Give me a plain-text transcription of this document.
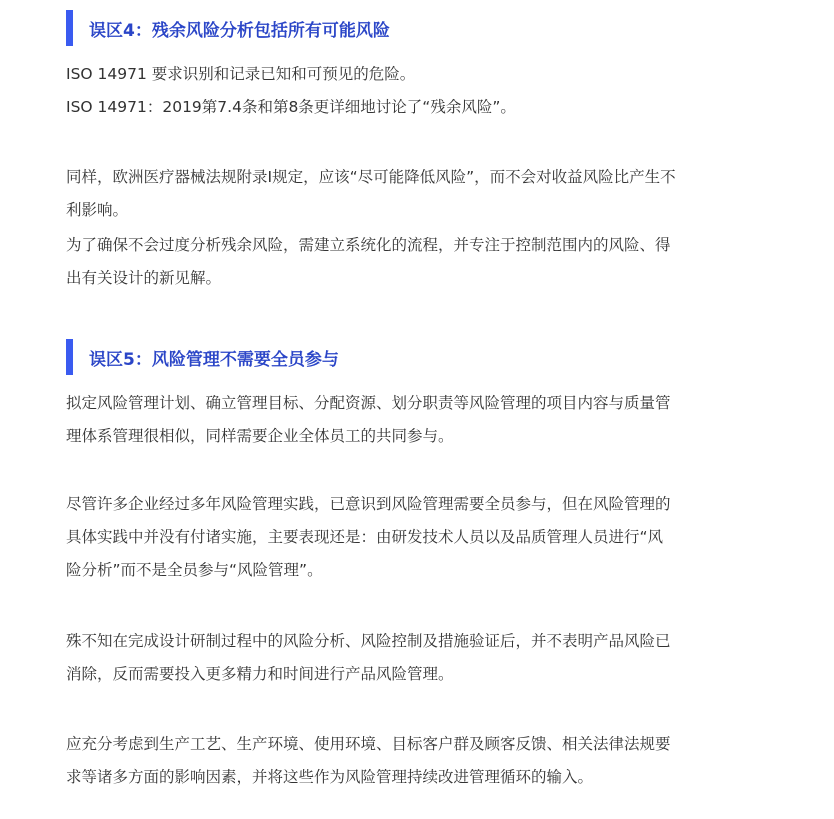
误区4：残余风险分析包括所有可能风险

ISO 14971 要求识别和记录已知和可预见的危险。

ISO 14971：2019第7.4条和第8条更详细地讨论了“残余风险”。

同样，欧洲医疗器械法规附录I规定，应该“尽可能降低风险”，而不会对收益风险比产生不
利影响。

为了确保不会过度分析残余风险，需建立系统化的流程，并专注于控制范围内的风险、得
出有关设计的新见解。

误区5：风险管理不需要全员参与

拟定风险管理计划、确立管理目标、分配资源、划分职责等风险管理的项目内容与质量管
理体系管理很相似，同样需要企业全体员工的共同参与。

尽管许多企业经过多年风险管理实践，已意识到风险管理需要全员参与，但在风险管理的
具体实践中并没有付诸实施，主要表现还是：由研发技术人员以及品质管理人员进行“风
险分析”而不是全员参与“风险管理”。

殊不知在完成设计研制过程中的风险分析、风险控制及措施验证后，并不表明产品风险已
消除，反而需要投入更多精力和时间进行产品风险管理。

应充分考虑到生产工艺、生产环境、使用环境、目标客户群及顾客反馈、相关法律法规要
求等诸多方面的影响因素，并将这些作为风险管理持续改进管理循环的输入。
